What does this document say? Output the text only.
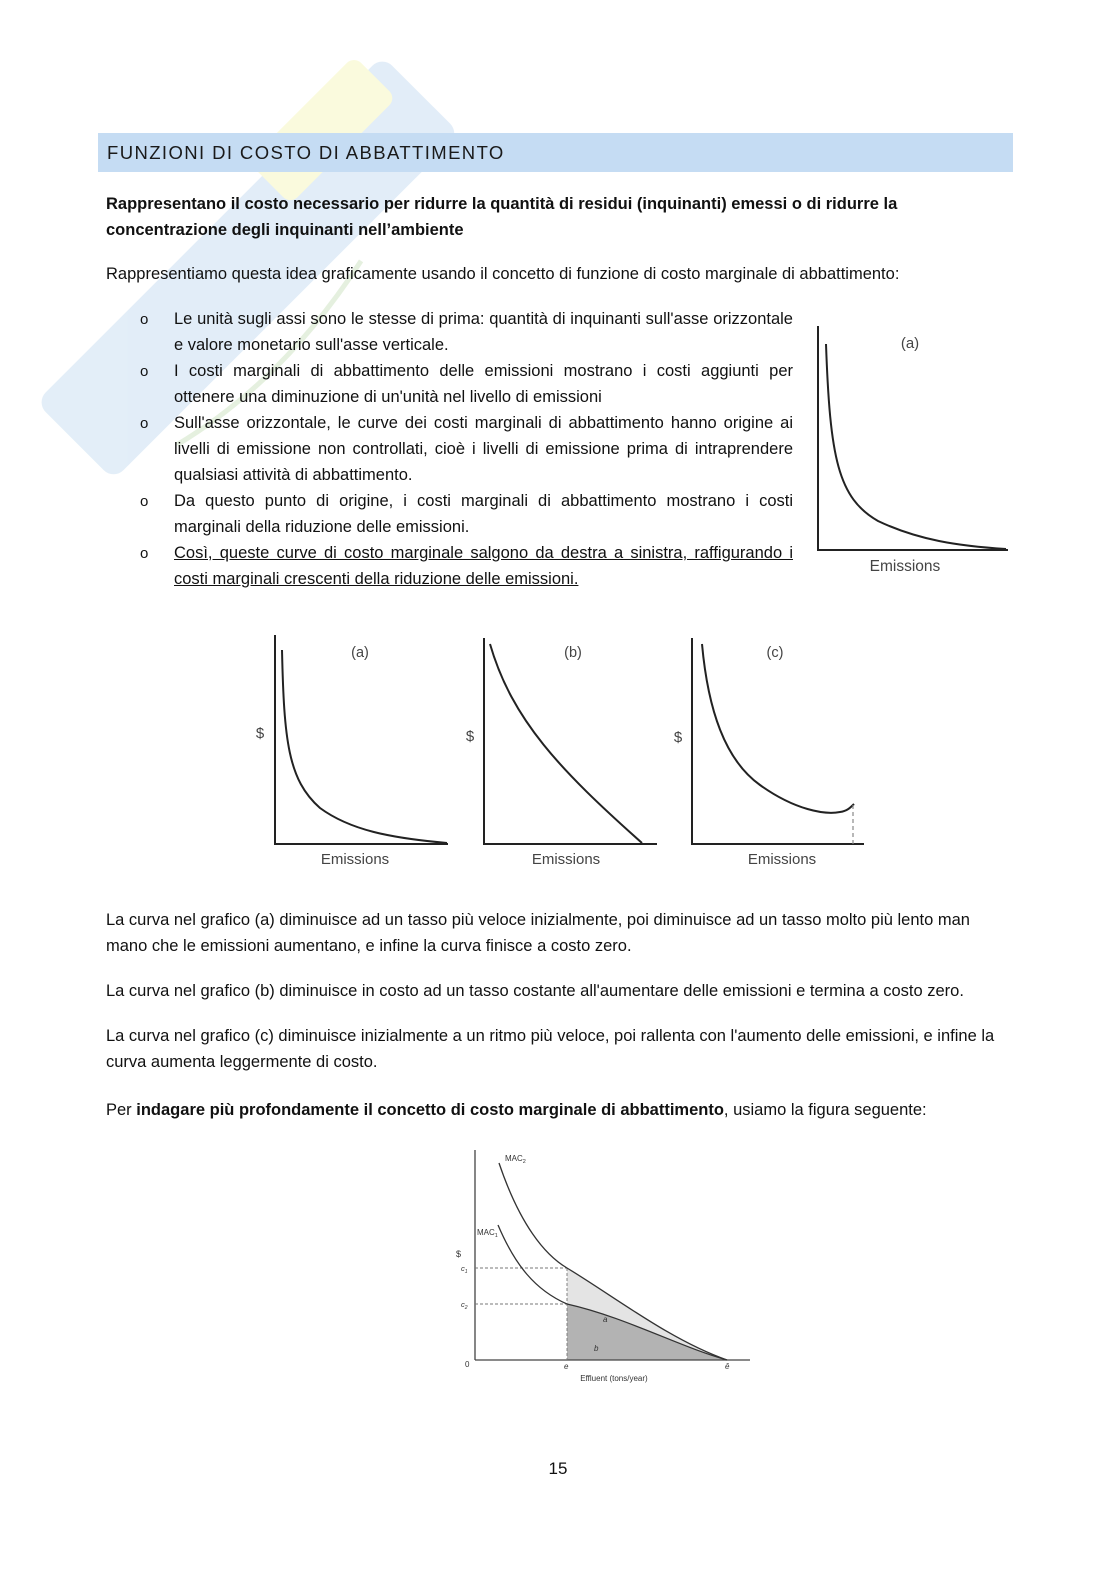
FUNZIONI DI COSTO DI ABBATTIMENTO
Rappresentano il costo necessario per ridurre la quantità di residui (inquinanti) emessi o di ridurre la concentrazione degli inquinanti nell’ambiente
Rappresentiamo questa idea graficamente usando il concetto di funzione di costo marginale di abbattimento:
o Le unità sugli assi sono le stesse di prima: quantità di inquinanti sull'asse orizzontale e valore monetario sull'asse verticale.
o I costi marginali di abbattimento delle emissioni mostrano i costi aggiunti per ottenere una diminuzione di un'unità nel livello di emissioni
o Sull'asse orizzontale, le curve dei costi marginali di abbattimento hanno origine ai livelli di emissione non controllati, cioè i livelli di emissione prima di intraprendere qualsiasi attività di abbattimento.
o Da questo punto di origine, i costi marginali di abbattimento mostrano i costi marginali della riduzione delle emissioni.
o Così, queste curve di costo marginale salgono da destra a sinistra, raffigurando i costi marginali crescenti della riduzione delle emissioni.
(a)
Emissions
(a)
$
Emissions
(b)
$
Emissions
(c)
$
Emissions
La curva nel grafico (a) diminuisce ad un tasso più veloce inizialmente, poi diminuisce ad un tasso molto più lento man mano che le emissioni aumentano, e infine la curva finisce a costo zero.
La curva nel grafico (b) diminuisce in costo ad un tasso costante all'aumentare delle emissioni e termina a costo zero.
La curva nel grafico (c) diminuisce inizialmente a un ritmo più veloce, poi rallenta con l'aumento delle emissioni, e infine la curva aumenta leggermente di costo.
Per indagare più profondamente il concetto di costo marginale di abbattimento, usiamo la figura seguente:
$MAC_2$
$MAC_1$
$
$c_1$
$c_2$
0
a
b
e	ê
Effluent (tons/year)
15
